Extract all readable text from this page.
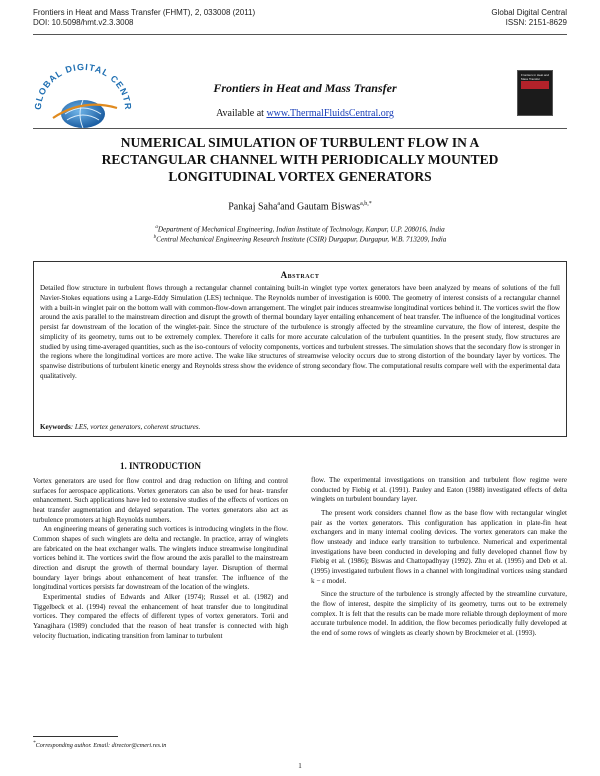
Frontiers in Heat and Mass Transfer (FHMT), 2, 033008 (2011)
DOI: 10.5098/hmt.v2.3.3008
Global Digital Central
ISSN: 2151-8629
GLOBAL DIGITAL CENTR
Frontiers in Heat and Mass Transfer
Available at www.ThermalFluidsCentral.org
Frontiers in Heat and Mass Transfer
NUMERICAL SIMULATION OF TURBULENT FLOW IN A
RECTANGULAR CHANNEL WITH PERIODICALLY MOUNTED
LONGITUDINAL VORTEX GENERATORS
Pankaj Saha$^a$and Gautam Biswas$^{a,b,*}$
$^a$Department of Mechanical Engineering, Indian Institute of Technology, Kanpur, U.P. 208016, India
$^b$Central Mechanical Engineering Research Institute (CSIR) Durgapur, Durgapur, W.B. 713209, India
Abstract
Detailed flow structure in turbulent flows through a rectangular channel containing built-in winglet type vortex generators have been analyzed by means of solutions of the full Navier-Stokes equations using a Large-Eddy Simulation (LES) technique. The Reynolds number of investigation is 6000. The geometry of interest consists of a rectangular channel with a built-in winglet pair on the bottom wall with common-flow-down arrangement. The winglet pair induces streamwise longitudinal vortices behind it. The vortices swirl the flow around the axis parallel to the mainstream direction and disrupt the growth of thermal boundary layer entailing enhancement of heat transfer. The influence of the longitudinal vortices persist far downstream of the location of the winglet-pair. Since the structure of the turbulence is strongly affected by the streamline curvature, the flow of interest, despite the simplicity of its geometry, turns out to be extremely complex. Therefore it calls for more accurate calculation of the turbulent quantities. In the present study, flow structures are studied by using time-averaged quantities, such as the iso-contours of velocity components, vortices and turbulent stresses. The simulation shows that the secondary flow is stronger in the regions where the longitudinal vortices are more active. The wake like structures of streamwise velocity occurs due to strong distortion of the boundary layer by vortices. The spanwise distributions of turbulent kinetic energy and Reynolds stress show the evidence of strong secondary flow. The computational results compare well with the experimental data qualitatively.
Keywords: LES, vortex generators, coherent structures.
1. INTRODUCTION

Vortex generators are used for flow control and drag reduction on lifting and control surfaces for aerospace applications. Vortex generators can also be used for heat- transfer enhancement. Such applications have led to extensive studies of the effects of vortices on heat transfer augmentation and delayed separation. The vortex generators also act as turbulence promoters at high Reynolds numbers.

An engineering means of generating such vortices is introducing winglets in the flow. Common shapes of such winglets are delta and rectangle. In practice, array of winglets are fabricated on the heat exchanger walls. The winglets induce streamwise longitudinal vortices behind it. The vortices swirl the flow around the axis parallel to the mainstream direction and disrupt the growth of thermal boundary layer. Disruption of thermal boundary layer brings about enhancement of heat transfer. The influence of the longitudinal vortices persists far downstream of the location of the winglets.

Experimental studies of Edwards and Alker (1974); Russel et al. (1982) and Tiggelbeck et al. (1994) reveal the enhancement of heat transfer due to longitudinal vortices. They compared the effects of different types of vortex generators. Torii and Yanagihara (1989) concluded that the reason of heat transfer is connected with high velocity fluctuation, indicating transition from laminar to turbulent

flow. The experimental investigations on transition and turbulent flow regime were conducted by Fiebig et al. (1991). Pauley and Eaton (1988) investigated effects of delta winglets on turbulent boundary layer.

The present work considers channel flow as the base flow with rectangular winglet pair as the vortex generators. This configuration has application in plate-fin heat exchangers and in many internal cooling devices. The vortex generators can make the flow unsteady and induce early transition to turbulence. Numerical and experimental investigations have been conducted in developing and fully developed channel flow by Fiebig et al. (1986); Biswas and Chattopadhyay (1992). Zhu et al. (1995) and Deb et al. (1995) investigated turbulent flows in a channel with longitudinal vortices using standard k − ε model.

Since the structure of the turbulence is strongly affected by the streamline curvature, the flow of interest, despite the simplicity of its geometry, turns out to be extremely complex. It is felt that the results can be made more reliable through deployment of more accurate turbulence model. In addition, the flow becomes periodically fully developed at the end of some rows of winglets as clearly shown by Brockmeier et al. (1993).

*Corresponding author. Email: director@cmeri.res.in
1
